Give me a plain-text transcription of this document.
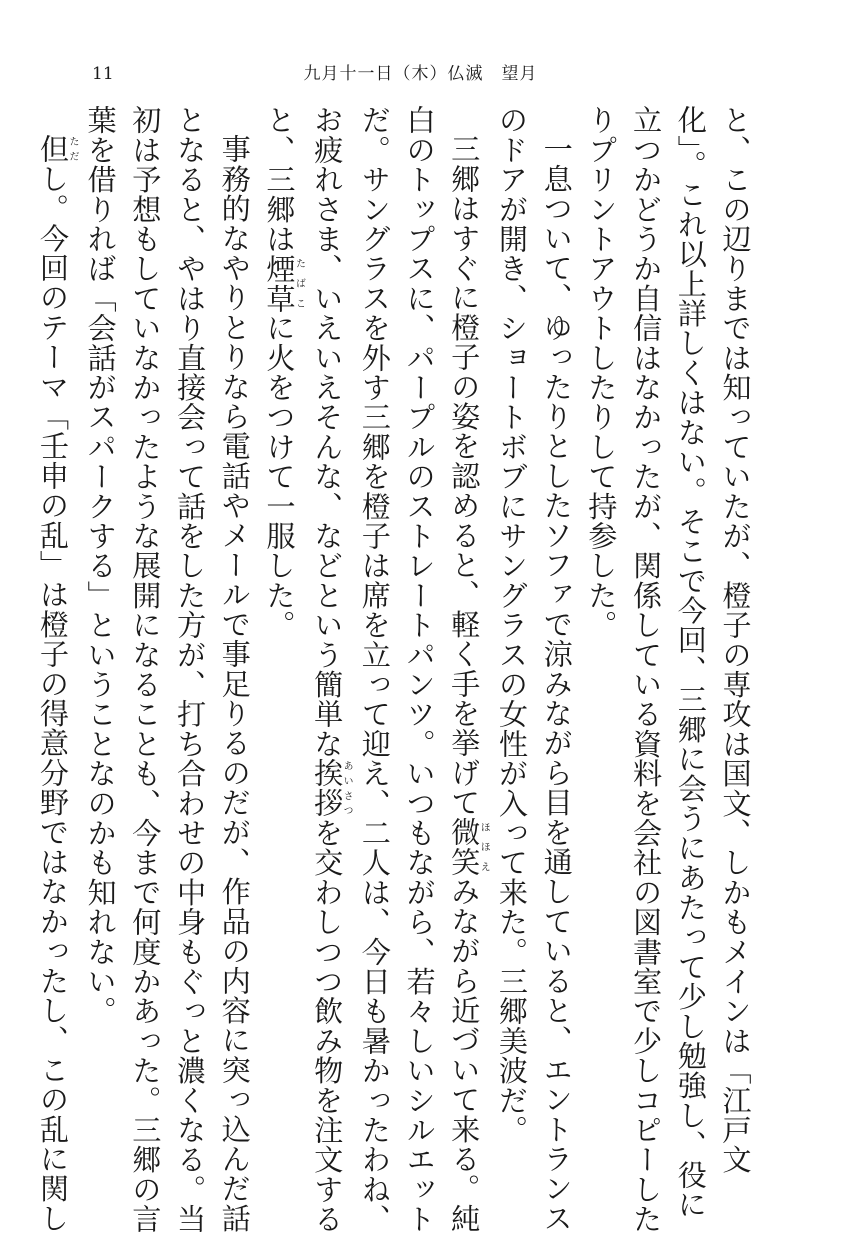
11	九月十一日（木）仏滅　望月

と、この辺りまでは知っていたが、橙子の専攻は国文、しかもメインは「江戸文

化」。これ以上詳しくはない。そこで今回、三郷に会うにあたって少し勉強し、役に

立つかどうか自信はなかったが、関係している資料を会社の図書室で少しコピーした

りプリントアウトしたりして持参した。

一息ついて、ゆったりとしたソファで涼みながら目を通していると、エントランス

のドアが開き、ショートボブにサングラスの女性が入って来た。三郷美波だ。

三郷はすぐに橙子の姿を認めると、軽く手を挙げて微笑ほほえみながら近づいて来る。純

白のトップスに、パープルのストレートパンツ。いつもながら、若々しいシルエット

だ。サングラスを外す三郷を橙子は席を立って迎え、二人は、今日も暑かったわね、

お疲れさま、いえいえそんな、などという簡単な挨拶あいさつを交わしつつ飲み物を注文する

と、三郷は煙草たばこに火をつけて一服した。

事務的なやりとりなら電話やメールで事足りるのだが、作品の内容に突っ込んだ話

となると、やはり直接会って話をした方が、打ち合わせの中身もぐっと濃くなる。当

初は予想もしていなかったような展開になることも、今まで何度かあった。三郷の言

葉を借りれば「会話がスパークする」ということなのかも知れない。

但ただし。今回のテーマ「壬申の乱」は橙子の得意分野ではなかったし、この乱に関し
